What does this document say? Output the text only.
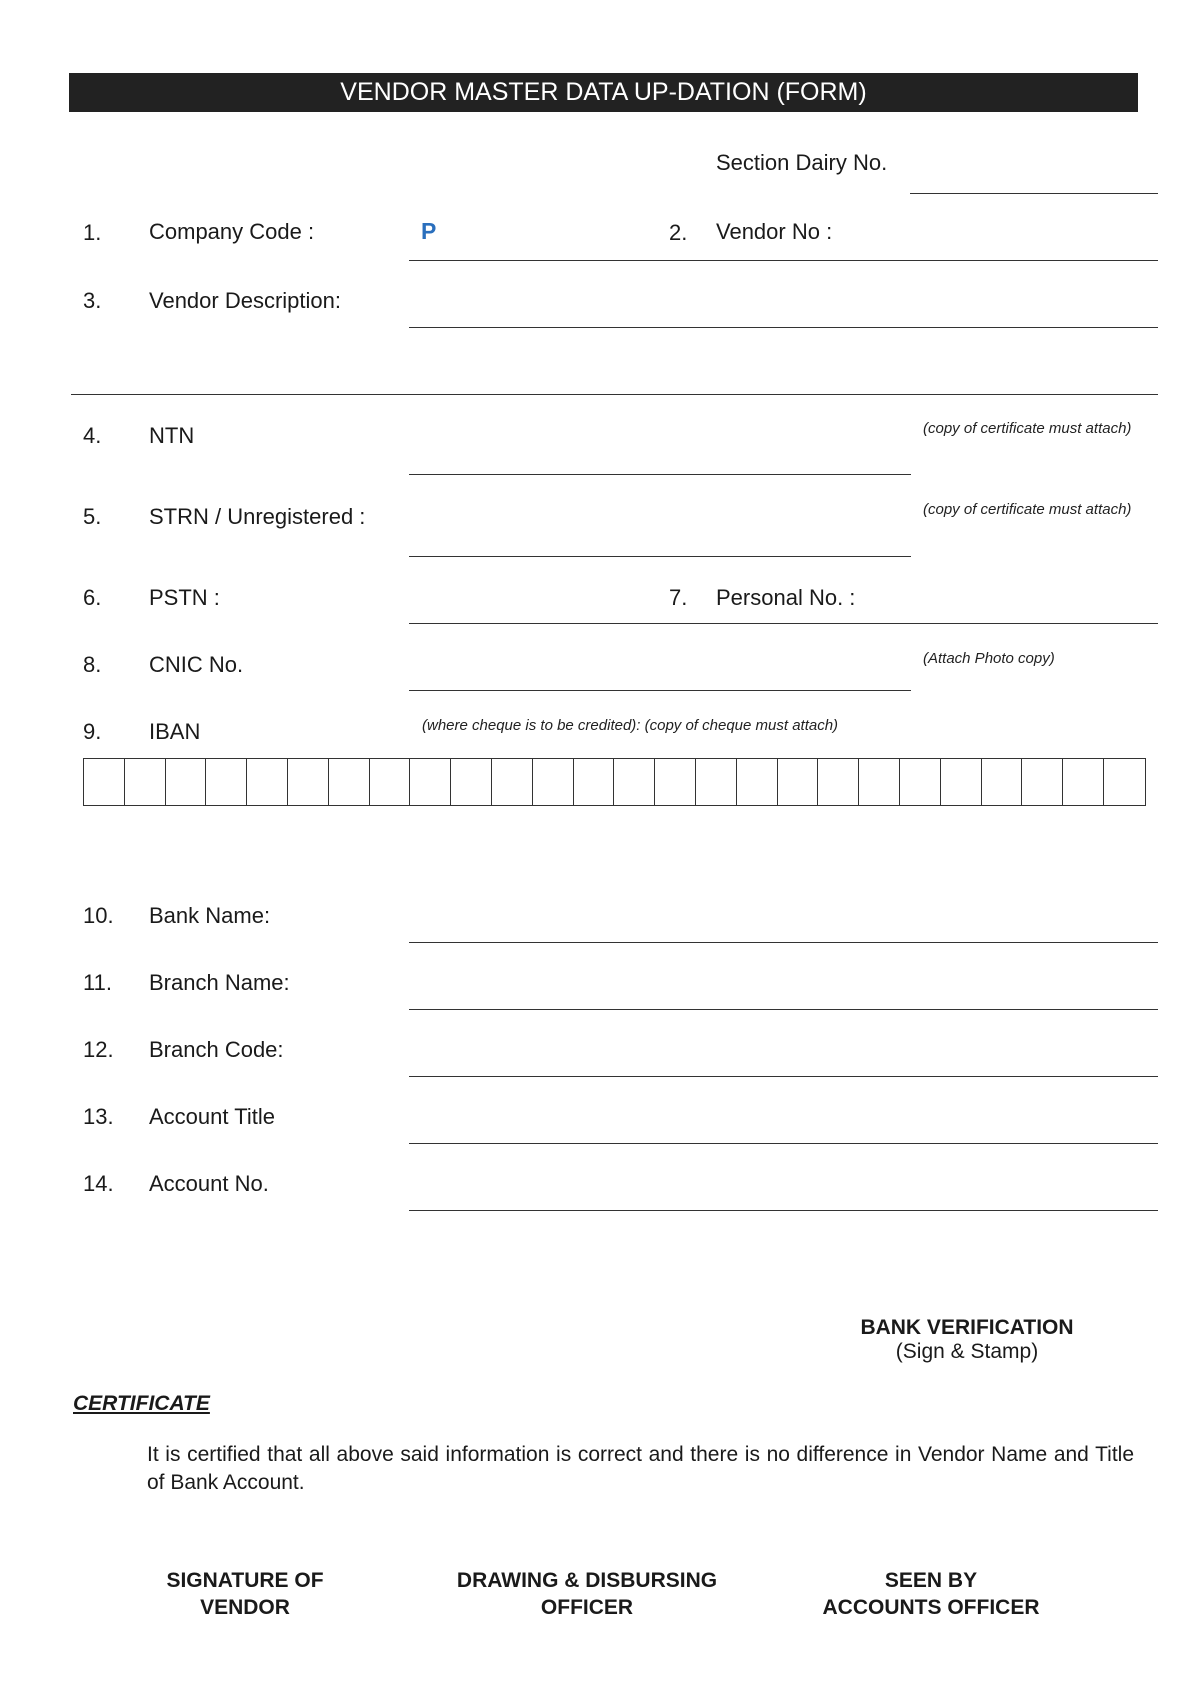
VENDOR MASTER DATA UP-DATION (FORM)
Section Dairy No.
1. Company Code :	P	2. Vendor No :
3. Vendor Description:
4. NTN	(copy of certificate must attach)
5. STRN / Unregistered :	(copy of certificate must attach)
6. PSTN :	7. Personal No. :
8. CNIC No.	(Attach Photo copy)
9. IBAN	(where cheque is to be credited): (copy of cheque must attach)
10. Bank Name:
11. Branch Name:
12. Branch Code:
13. Account Title
14. Account No.
BANK VERIFICATION
(Sign & Stamp)
CERTIFICATE
It is certified that all above said information is correct and there is no difference in Vendor Name and Title of Bank Account.
SIGNATURE OF
VENDOR
DRAWING & DISBURSING
OFFICER
SEEN BY
ACCOUNTS OFFICER
